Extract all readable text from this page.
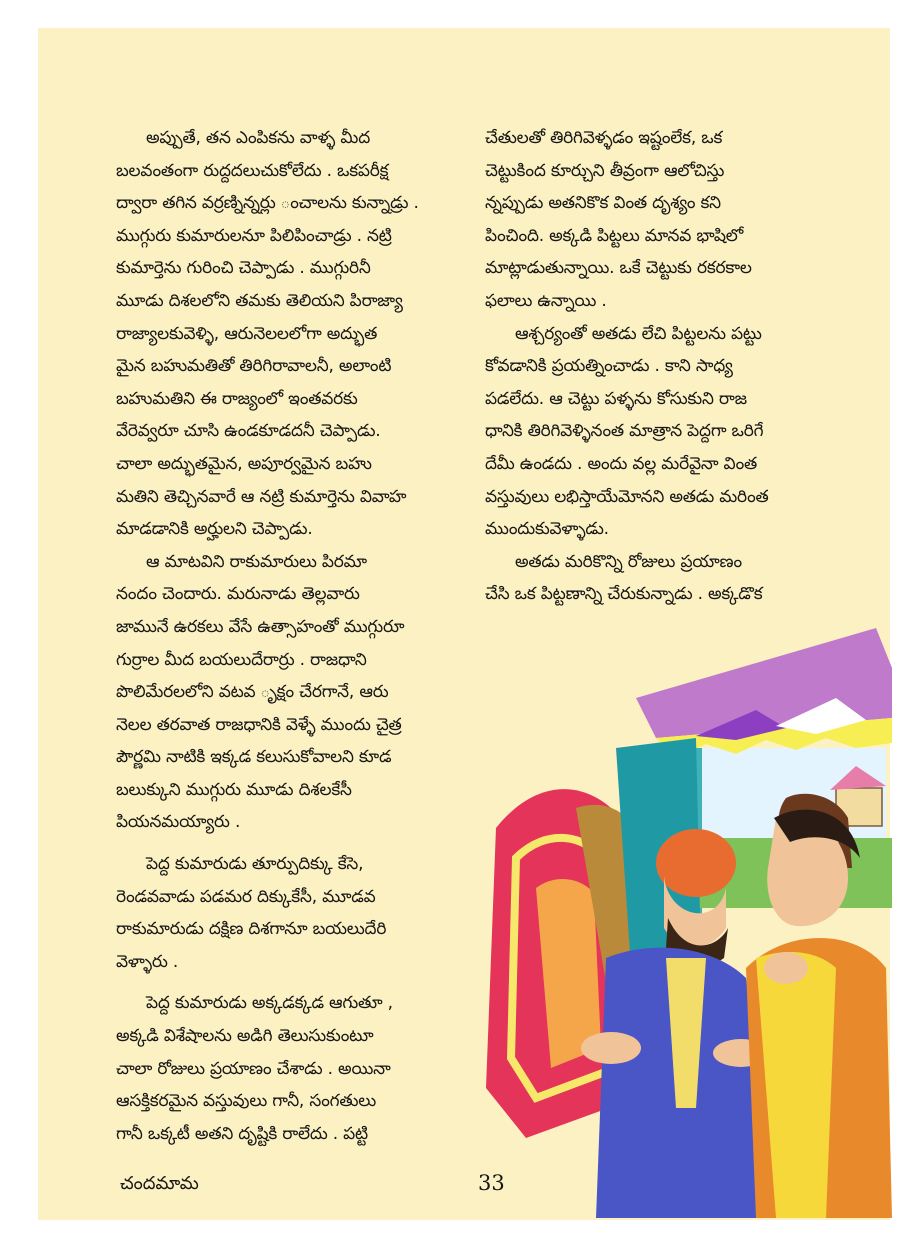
అప్పుతే, తన ఎంపికను వాళ్ళ మీద
బలవంతంగా రుద్దదలుచుకోలేదు . ఒకపరీక్ష
ద్వారా తగిన వర్రణ్నిన్నర్లు ంచాలను కున్నాడ్రు .
ముగ్గురు కుమారులనూ పిలిపించాడ్రు . నట్రి
కుమార్తెను గురించి చెప్పాడు . ముగ్గురినీ
మూడు దిశలలోని తమకు తెలియని పిరాజ్యా
రాజ్యాలకువెళ్ళి, ఆరునెలలలోగా అద్భుత
మైన బహుమతితో తిరిగిరావాలనీ, అలాంటి
బహుమతిని ఈ రాజ్యంలో ఇంతవరకు
వేరెవ్వరూ చూసి ఉండకూడదనీ చెప్పాడు.
చాలా అద్భుతమైన, అపూర్వమైన బహు
మతిని తెచ్చినవారే ఆ నట్రి కుమార్తెను వివాహ
మాడడానికి అర్హులని చెప్పాడు.
ఆ మాటవిని రాకుమారులు పిరమా
నందం చెందారు. మరునాడు తెల్లవారు
జామునే ఉరకలు వేసే ఉత్సాహంతో ముగ్గురూ
గుర్రాల మీద బయలుదేరార్రు . రాజధాని
పొలిమేరలలోని వటవ ృక్షం చేరగానే, ఆరు
నెలల తరవాత రాజధానికి వెళ్ళే ముందు చైత్ర
పౌర్ణమి నాటికి ఇక్కడ కలుసుకోవాలని కూడ
బలుక్కుని ముగ్గురు మూడు దిశలకేసీ
పియనమయ్యారు .
పెద్ద కుమారుడు తూర్పుదిక్కు కేసె,
రెండవవాడు పడమర దిక్కుకేసీ, మూడవ
రాకుమారుడు దక్షిణ దిశగానూ బయలుదేరి
వెళ్ళారు .
పెద్ద కుమారుడు అక్కడక్కడ ఆగుతూ ,
అక్కడి విశేషాలను అడిగి తెలుసుకుంటూ
చాలా రోజులు ప్రయాణం చేశాడు . అయినా
ఆసక్తికరమైన వస్తువులు గానీ, సంగతులు
గానీ ఒక్కటీ అతని దృష్టికి రాలేదు . పట్టి
చేతులతో తిరిగివెళ్ళడం ఇష్టంలేక, ఒక
చెట్టుకింద కూర్చుని తీవ్రంగా ఆలోచిస్తు
న్నప్పుడు అతనికొక వింత దృశ్యం కని
పించింది. అక్కడి పిట్టలు మానవ భాషిలో
మాట్లాడుతున్నాయి. ఒకే చెట్టుకు రకరకాల
ఫలాలు ఉన్నాయి .
ఆశ్చర్యంతో అతడు లేచి పిట్టలను పట్టు
కోవడానికి ప్రయత్నించాడు . కాని సాధ్య
పడలేదు. ఆ చెట్టు పళ్ళను కోసుకుని రాజ
ధానికి తిరిగివెళ్ళినంత మాత్రాన పెద్దగా ఒరిగే
దేమీ ఉండదు . అందు వల్ల మరేవైనా వింత
వస్తువులు లభిస్తాయేమోనని అతడు మరింత
ముందుకువెళ్ళాడు.
అతడు మరికొన్ని రోజులు ప్రయాణం
చేసి ఒక పిట్టణాన్ని చేరుకున్నాడు . అక్కడొక
చందమామ	33
